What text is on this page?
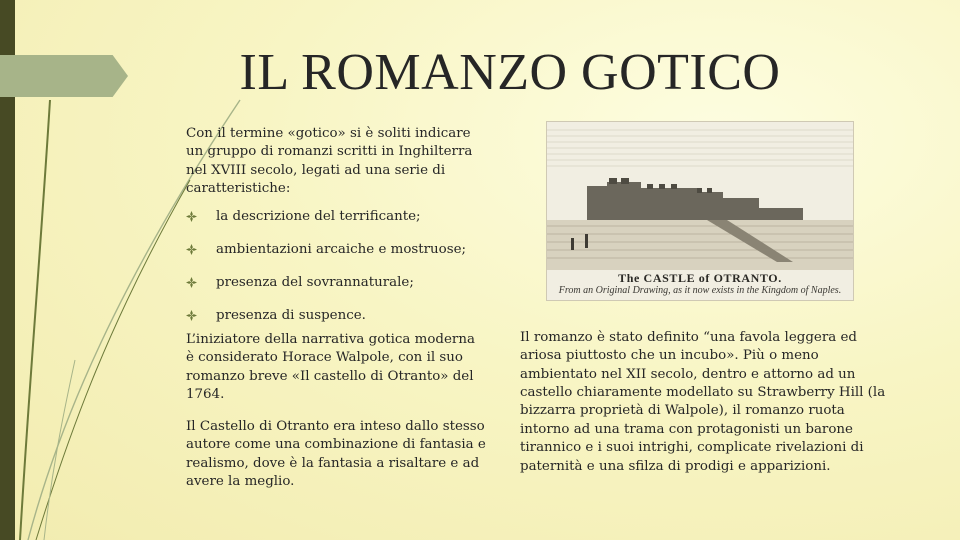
IL ROMANZO GOTICO
Con il termine «gotico» si è soliti indicare un gruppo di romanzi scritti in Inghilterra nel XVIII secolo, legati ad una serie di caratteristiche:
la descrizione del terrificante;
ambientazioni arcaiche e mostruose;
presenza del sovrannaturale;
presenza di suspence.

L’iniziatore della narrativa gotica moderna è considerato Horace Walpole, con il suo romanzo breve «Il castello di Otranto» del 1764.

Il Castello di Otranto era inteso dallo stesso autore come una combinazione di fantasia e realismo, dove è la fantasia a risaltare e ad avere la meglio.

The CASTLE of OTRANTO.
From an Original Drawing, as it now exists in the Kingdom of Naples.

Il romanzo è stato definito “una favola leggera ed ariosa piuttosto che un incubo». Più o meno ambientato nel XII secolo, dentro e attorno ad un castello chiaramente modellato su Strawberry Hill (la bizzarra proprietà di Walpole), il romanzo ruota intorno ad una trama con protagonisti un barone tirannico e i suoi intrighi, complicate rivelazioni di paternità e una sfilza di prodigi e apparizioni.
